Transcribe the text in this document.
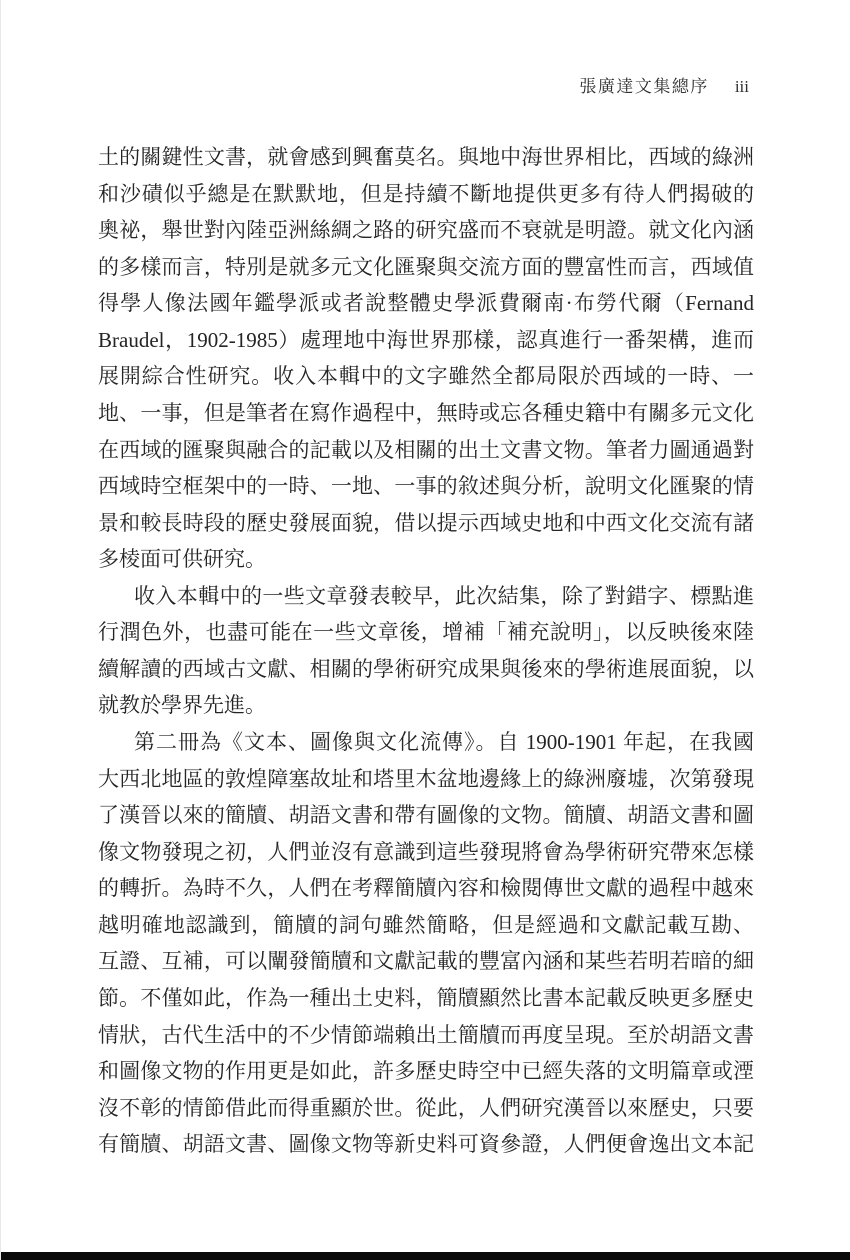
張廣達文集總序 iii
土的關鍵性文書，就會感到興奮莫名。與地中海世界相比，西域的綠洲
和沙磧似乎總是在默默地，但是持續不斷地提供更多有待人們揭破的
奧祕，舉世對內陸亞洲絲綢之路的研究盛而不衰就是明證。就文化內涵
的多樣而言，特別是就多元文化匯聚與交流方面的豐富性而言，西域值
得學人像法國年鑑學派或者說整體史學派費爾南·布勞代爾（Fernand
Braudel，1902-1985）處理地中海世界那樣，認真進行一番架構，進而
展開綜合性研究。收入本輯中的文字雖然全都局限於西域的一時、一
地、一事，但是筆者在寫作過程中，無時或忘各種史籍中有關多元文化
在西域的匯聚與融合的記載以及相關的出土文書文物。筆者力圖通過對
西域時空框架中的一時、一地、一事的敘述與分析，說明文化匯聚的情
景和較長時段的歷史發展面貌，借以提示西域史地和中西文化交流有諸
多棱面可供研究。
收入本輯中的一些文章發表較早，此次結集，除了對錯字、標點進
行潤色外，也盡可能在一些文章後，增補「補充說明」，以反映後來陸
續解讀的西域古文獻、相關的學術研究成果與後來的學術進展面貌，以
就教於學界先進。
第二冊為《文本、圖像與文化流傳》。自 1900-1901 年起，在我國
大西北地區的敦煌障塞故址和塔里木盆地邊緣上的綠洲廢墟，次第發現
了漢晉以來的簡牘、胡語文書和帶有圖像的文物。簡牘、胡語文書和圖
像文物發現之初，人們並沒有意識到這些發現將會為學術研究帶來怎樣
的轉折。為時不久，人們在考釋簡牘內容和檢閱傳世文獻的過程中越來
越明確地認識到，簡牘的詞句雖然簡略，但是經過和文獻記載互勘、
互證、互補，可以闡發簡牘和文獻記載的豐富內涵和某些若明若暗的細
節。不僅如此，作為一種出土史料，簡牘顯然比書本記載反映更多歷史
情狀，古代生活中的不少情節端賴出土簡牘而再度呈現。至於胡語文書
和圖像文物的作用更是如此，許多歷史時空中已經失落的文明篇章或湮
沒不彰的情節借此而得重顯於世。從此，人們研究漢晉以來歷史，只要
有簡牘、胡語文書、圖像文物等新史料可資參證，人們便會逸出文本記
